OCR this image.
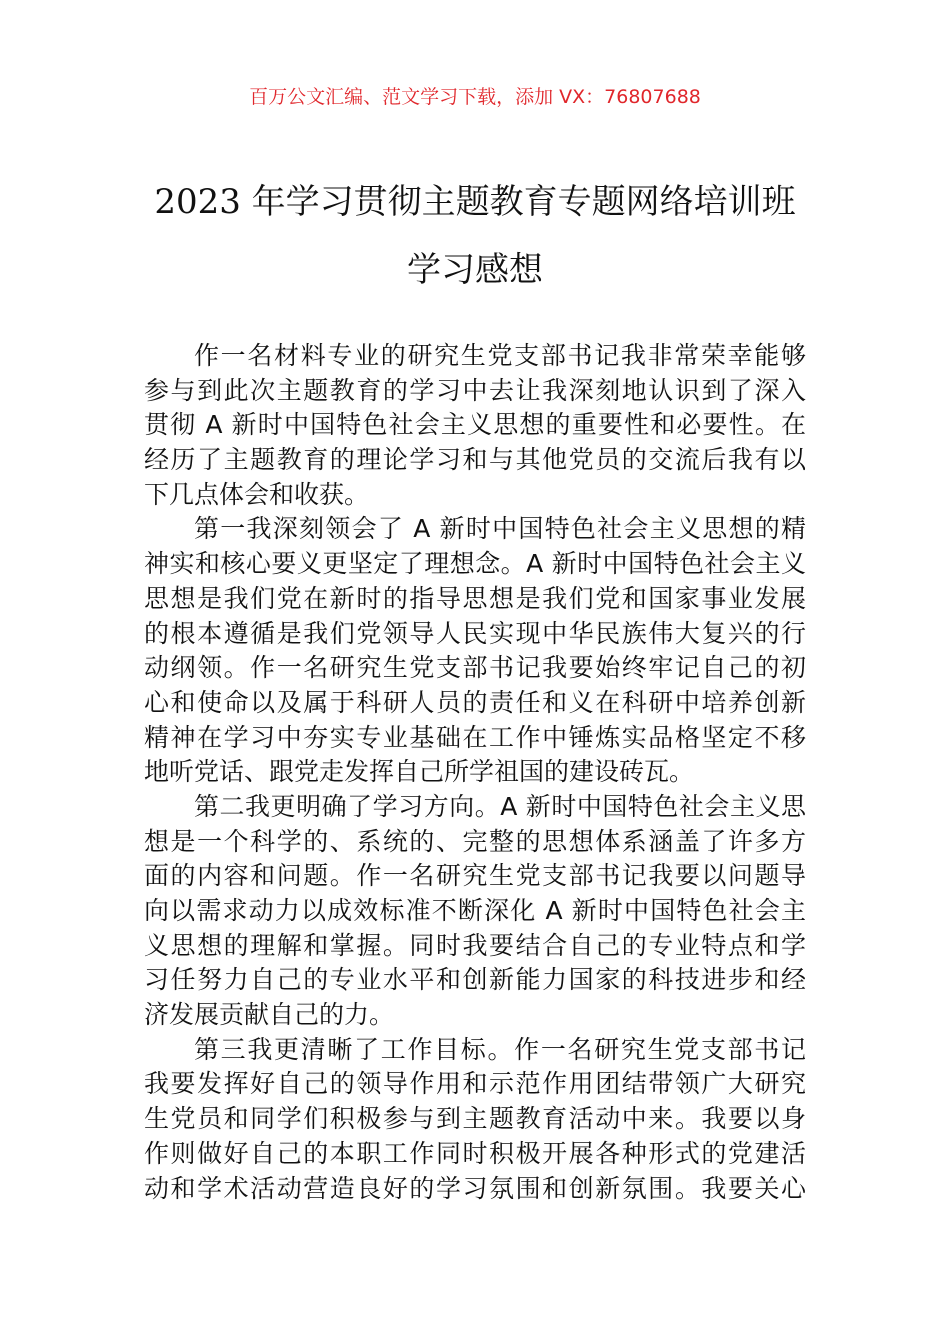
百万公文汇编、范文学习下载，添加 VX：76807688
2023 年学习贯彻主题教育专题网络培训班
学习感想
作一名材料专业的研究生党支部书记我非常荣幸能够
参与到此次主题教育的学习中去让我深刻地认识到了深入
贯彻 A 新时中国特色社会主义思想的重要性和必要性。在
经历了主题教育的理论学习和与其他党员的交流后我有以
下几点体会和收获。
第一我深刻领会了 A 新时中国特色社会主义思想的精
神实和核心要义更坚定了理想念。A 新时中国特色社会主义
思想是我们党在新时的指导思想是我们党和国家事业发展
的根本遵循是我们党领导人民实现中华民族伟大复兴的行
动纲领。作一名研究生党支部书记我要始终牢记自己的初
心和使命以及属于科研人员的责任和义在科研中培养创新
精神在学习中夯实专业基础在工作中锤炼实品格坚定不移
地听党话、跟党走发挥自己所学祖国的建设砖瓦。
第二我更明确了学习方向。A 新时中国特色社会主义思
想是一个科学的、系统的、完整的思想体系涵盖了许多方
面的内容和问题。作一名研究生党支部书记我要以问题导
向以需求动力以成效标准不断深化 A 新时中国特色社会主
义思想的理解和掌握。同时我要结合自己的专业特点和学
习任努力自己的专业水平和创新能力国家的科技进步和经
济发展贡献自己的力。
第三我更清晰了工作目标。作一名研究生党支部书记
我要发挥好自己的领导作用和示范作用团结带领广大研究
生党员和同学们积极参与到主题教育活动中来。我要以身
作则做好自己的本职工作同时积极开展各种形式的党建活
动和学术活动营造良好的学习氛围和创新氛围。我要关心
